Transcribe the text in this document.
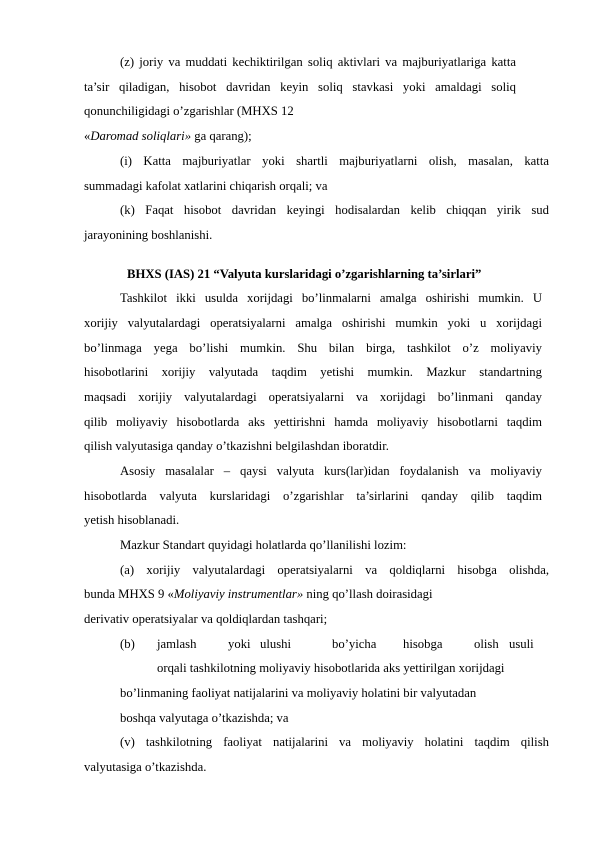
(z) joriy va muddati kechiktirilgan soliq aktivlari va majburiyatlariga katta
ta’sir qiladigan, hisobot davridan keyin soliq stavkasi yoki amaldagi soliq
qonunchiligidagi o’zgarishlar (MHXS 12
«Daromad soliqlari» ga qarang);
(i) Katta majburiyatlar yoki shartli majburiyatlarni olish, masalan, katta
summadagi kafolat xatlarini chiqarish orqali; va
(k) Faqat hisobot davridan keyingi hodisalardan kelib chiqqan yirik sud
jarayonining boshlanishi.
BHXS (IAS) 21 “Valyuta kurslaridagi o’zgarishlarning ta’sirlari”
Tashkilot ikki usulda xorijdagi bo’linmalarni amalga oshirishi mumkin. U
xorijiy valyutalardagi operatsiyalarni amalga oshirishi mumkin yoki u xorijdagi
bo’linmaga yega bo’lishi mumkin. Shu bilan birga, tashkilot o’z moliyaviy
hisobotlarini xorijiy valyutada taqdim yetishi mumkin. Mazkur standartning
maqsadi xorijiy valyutalardagi operatsiyalarni va xorijdagi bo’linmani qanday
qilib moliyaviy hisobotlarda aks yettirishni hamda moliyaviy hisobotlarni taqdim
qilish valyutasiga qanday o’tkazishni belgilashdan iboratdir.
Asosiy masalalar – qaysi valyuta kurs(lar)idan foydalanish va moliyaviy
hisobotlarda valyuta kurslaridagi o’zgarishlar ta’sirlarini qanday qilib taqdim
yetish hisoblanadi.
Mazkur Standart quyidagi holatlarda qo’llanilishi lozim:
(a) xorijiy valyutalardagi operatsiyalarni va qoldiqlarni hisobga olishda,
bunda MHXS 9 «Moliyaviy instrumentlar» ning qo’llash doirasidagi
derivativ operatsiyalar va qoldiqlardan tashqari;
(b) jamlash yoki ulushi	bo’yicha hisobga olish usuli
orqali tashkilotning moliyaviy hisobotlarida aks yettirilgan xorijdagi
bo’linmaning faoliyat natijalarini va moliyaviy holatini bir valyutadan
boshqa valyutaga o’tkazishda; va
(v) tashkilotning faoliyat natijalarini va moliyaviy holatini taqdim qilish
valyutasiga o’tkazishda.
